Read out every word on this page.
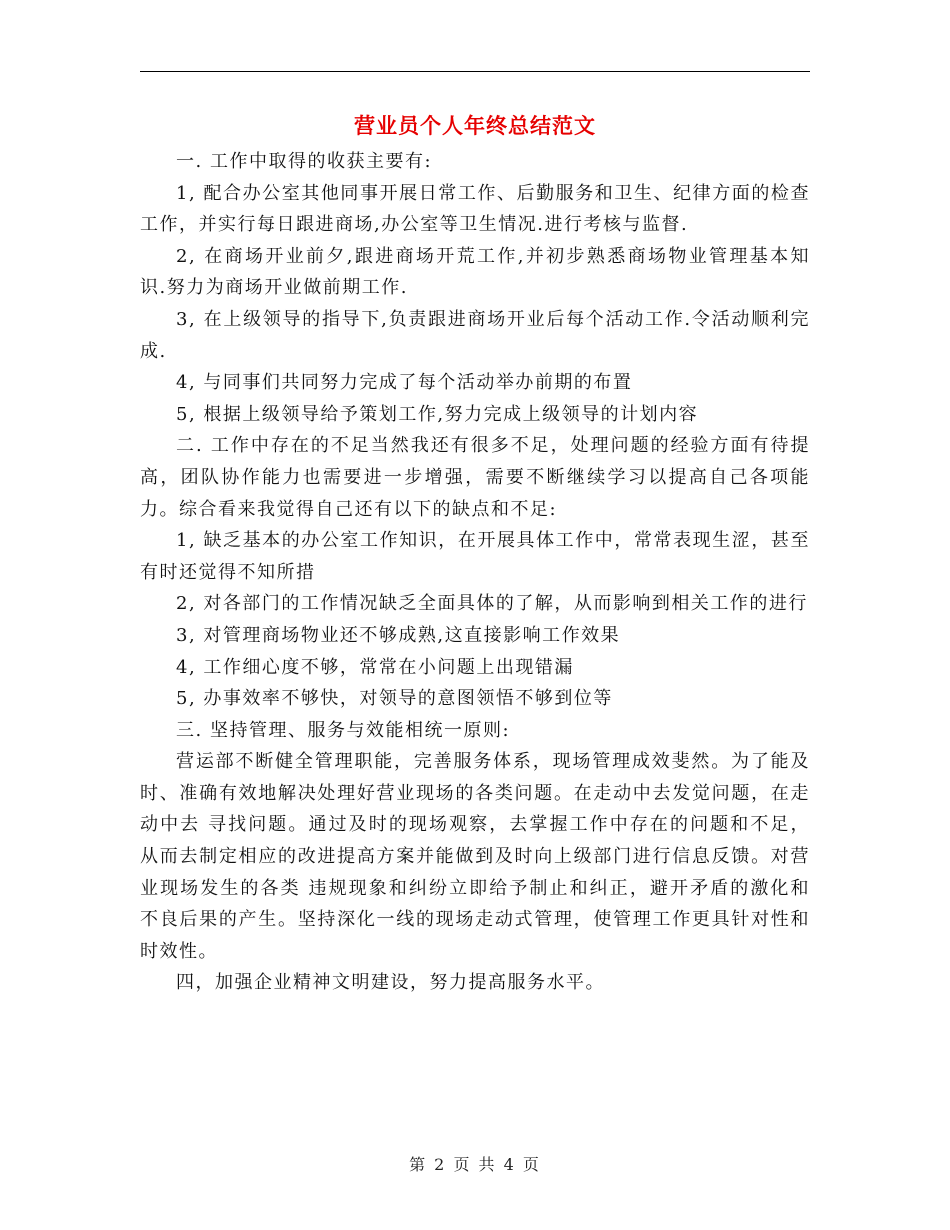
营业员个人年终总结范文

一. 工作中取得的收获主要有:

1, 配合办公室其他同事开展日常工作、后勤服务和卫生、纪律方面的检查工作，并实行每日跟进商场,办公室等卫生情况.进行考核与监督.

2, 在商场开业前夕,跟进商场开荒工作,并初步熟悉商场物业管理基本知识.努力为商场开业做前期工作.

3, 在上级领导的指导下,负责跟进商场开业后每个活动工作.令活动顺利完成.

4, 与同事们共同努力完成了每个活动举办前期的布置

5, 根据上级领导给予策划工作,努力完成上级领导的计划内容

二. 工作中存在的不足当然我还有很多不足，处理问题的经验方面有待提高，团队协作能力也需要进一步增强，需要不断继续学习以提高自己各项能力。综合看来我觉得自己还有以下的缺点和不足:

1, 缺乏基本的办公室工作知识，在开展具体工作中，常常表现生涩，甚至有时还觉得不知所措

2, 对各部门的工作情况缺乏全面具体的了解，从而影响到相关工作的进行

3, 对管理商场物业还不够成熟,这直接影响工作效果

4, 工作细心度不够，常常在小问题上出现错漏

5, 办事效率不够快，对领导的意图领悟不够到位等

三. 坚持管理、服务与效能相统一原则:

营运部不断健全管理职能，完善服务体系，现场管理成效斐然。为了能及时、准确有效地解决处理好营业现场的各类问题。在走动中去发觉问题，在走动中去 寻找问题。通过及时的现场观察，去掌握工作中存在的问题和不足，从而去制定相应的改进提高方案并能做到及时向上级部门进行信息反馈。对营业现场发生的各类 违规现象和纠纷立即给予制止和纠正，避开矛盾的激化和不良后果的产生。坚持深化一线的现场走动式管理，使管理工作更具针对性和时效性。

四，加强企业精神文明建设，努力提高服务水平。

第 2 页 共 4 页
